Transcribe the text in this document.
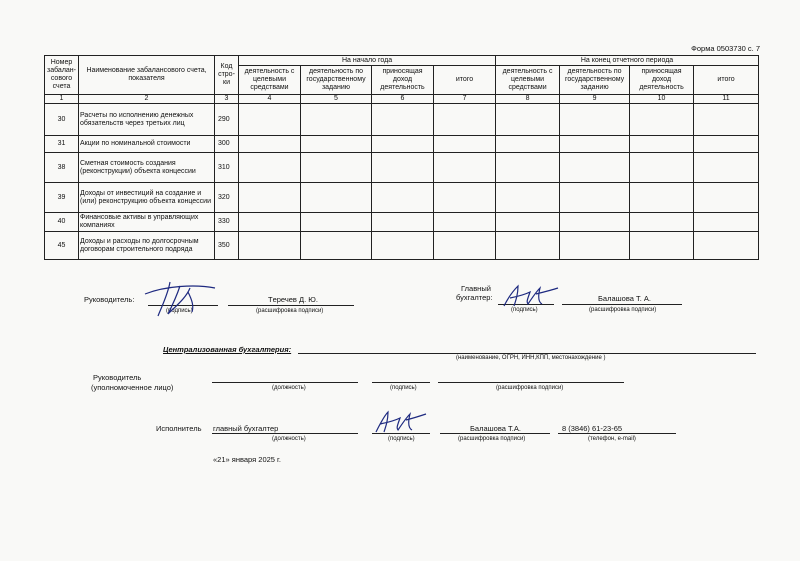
Форма 0503730 с. 7
Номер забалан-сового счета	Наименование забалансового счета, показателя	Код стро-ки	На начало года				На конец отчетного периода			
			деятельность с целевыми средствами	деятельность по государственному заданию	приносящая доход деятельность	итого	деятельность с целевыми средствами	деятельность по государственному заданию	приносящая доход деятельность	итого
1	2	3	4	5	6	7	8	9	10	11
30	Расчеты по исполнению денежных обязательств через третьих лиц	290								
31	Акции по номинальной стоимости	300								
38	Сметная стоимость создания (реконструкции) объекта концессии	310								
39	Доходы от инвестиций на создание и (или) реконструкцию объекта концессии	320								
40	Финансовые активы в управляющих компаниях	330								
45	Доходы и расходы по долгосрочным договорам строительного подряда	350								
Руководитель:
(подпись)
Тeречев Д. Ю.
(расшифровка подписи)
Главный
бухгалтер:
(подпись)
Балашова Т. А.
(расшифровка подписи)
Централизованная бухгалтерия:
(наименование, ОГРН, ИНН,КПП, местонахождение )
Руководитель
(уполномоченное лицо)	(должность)	(подпись)	(расшифровка подписи)
Исполнитель главный бухгалтер
(должность)	(подпись)
Балашова Т.А.
(расшифровка подписи)
8 (3846) 61-23-65
(телефон, e-mail)
«21» января 2025 г.
